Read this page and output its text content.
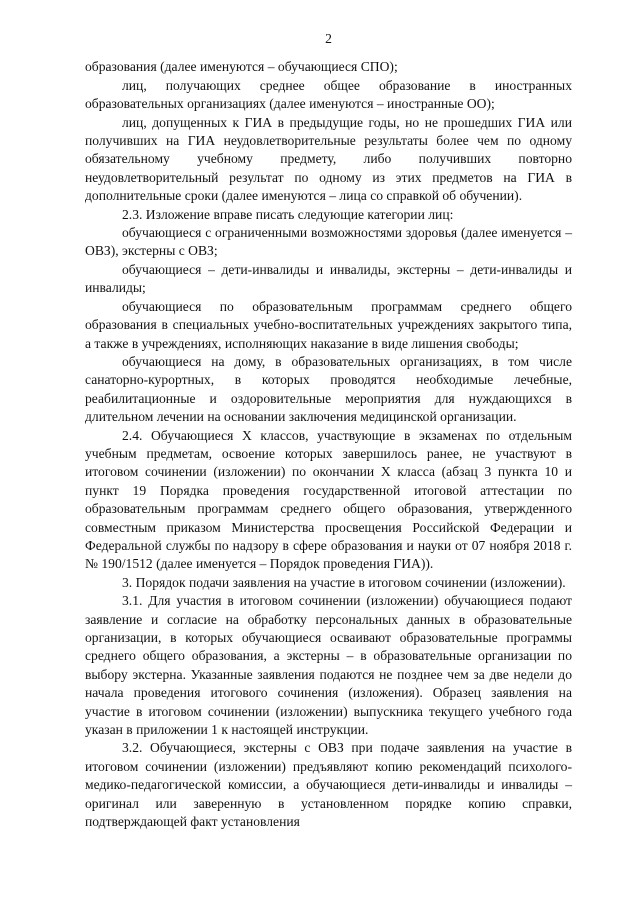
2

образования (далее именуются – обучающиеся СПО);

лиц, получающих среднее общее образование в иностранных образовательных организациях (далее именуются – иностранные ОО);

лиц, допущенных к ГИА в предыдущие годы, но не прошедших ГИА или получивших на ГИА неудовлетворительные результаты более чем по одному обязательному учебному предмету, либо получивших повторно неудовлетворительный результат по одному из этих предметов на ГИА в дополнительные сроки (далее именуются – лица со справкой об обучении).

2.3. Изложение вправе писать следующие категории лиц:

обучающиеся с ограниченными возможностями здоровья (далее именуется – ОВЗ), экстерны с ОВЗ;

обучающиеся – дети-инвалиды и инвалиды, экстерны – дети-инвалиды и инвалиды;

обучающиеся по образовательным программам среднего общего образования в специальных учебно-воспитательных учреждениях закрытого типа, а также в учреждениях, исполняющих наказание в виде лишения свободы;

обучающиеся на дому, в образовательных организациях, в том числе санаторно-курортных, в которых проводятся необходимые лечебные, реабилитационные и оздоровительные мероприятия для нуждающихся в длительном лечении на основании заключения медицинской организации.

2.4. Обучающиеся X классов, участвующие в экзаменах по отдельным учебным предметам, освоение которых завершилось ранее, не участвуют в итоговом сочинении (изложении) по окончании X класса (абзац 3 пункта 10 и пункт 19 Порядка проведения государственной итоговой аттестации по образовательным программам среднего общего образования, утвержденного совместным приказом Министерства просвещения Российской Федерации и Федеральной службы по надзору в сфере образования и науки от 07 ноября 2018 г. № 190/1512 (далее именуется – Порядок проведения ГИА)).

3. Порядок подачи заявления на участие в итоговом сочинении (изложении).

3.1. Для участия в итоговом сочинении (изложении) обучающиеся подают заявление и согласие на обработку персональных данных в образовательные организации, в которых обучающиеся осваивают образовательные программы среднего общего образования, а экстерны – в образовательные организации по выбору экстерна. Указанные заявления подаются не позднее чем за две недели до начала проведения итогового сочинения (изложения). Образец заявления на участие в итоговом сочинении (изложении) выпускника текущего учебного года указан в приложении 1 к настоящей инструкции.

3.2. Обучающиеся, экстерны с ОВЗ при подаче заявления на участие в итоговом сочинении (изложении) предъявляют копию рекомендаций психолого-медико-педагогической комиссии, а обучающиеся дети-инвалиды и инвалиды – оригинал или заверенную в установленном порядке копию справки, подтверждающей факт установления
